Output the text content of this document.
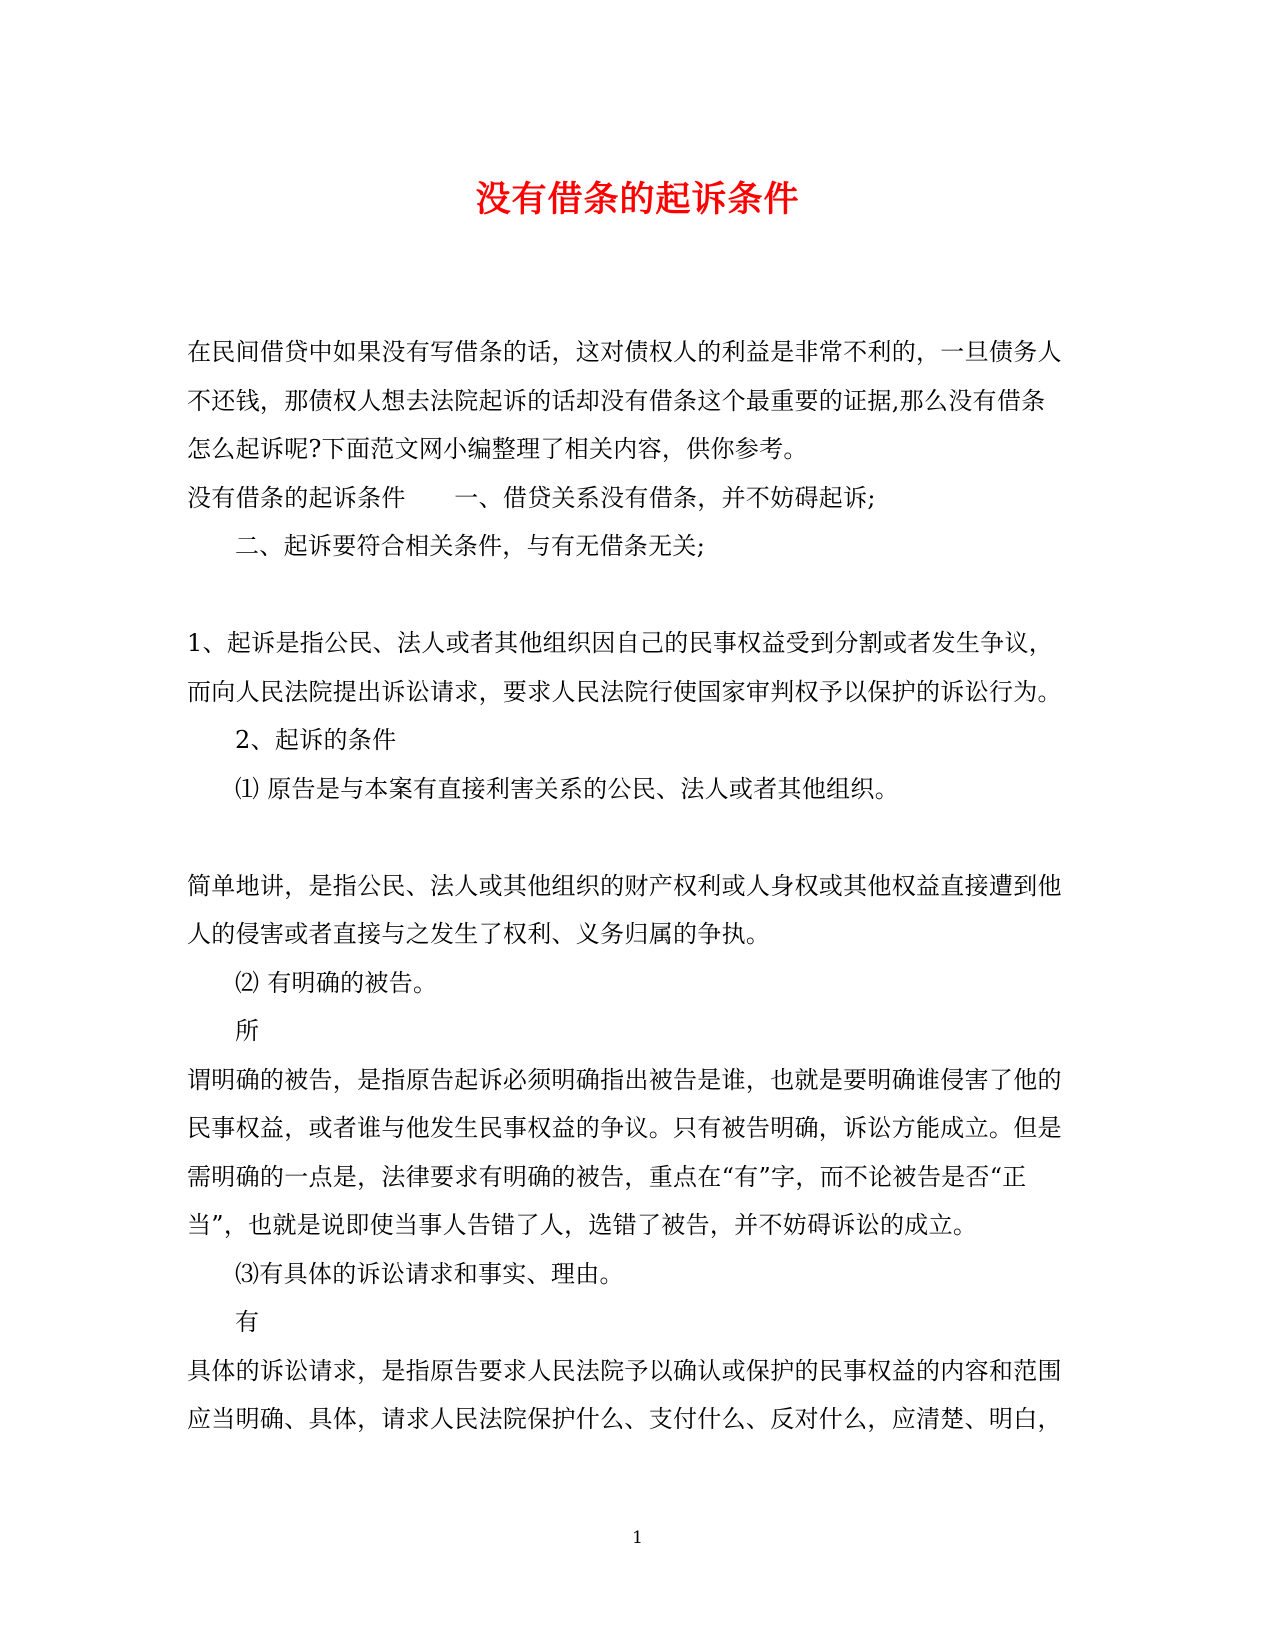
没有借条的起诉条件
在民间借贷中如果没有写借条的话，这对债权人的利益是非常不利的，一旦债务人
不还钱，那债权人想去法院起诉的话却没有借条这个最重要的证据,那么没有借条
怎么起诉呢?下面范文网小编整理了相关内容，供你参考。
没有借条的起诉条件　　一、借贷关系没有借条，并不妨碍起诉;
二、起诉要符合相关条件，与有无借条无关;
1、起诉是指公民、法人或者其他组织因自己的民事权益受到分割或者发生争议，
而向人民法院提出诉讼请求，要求人民法院行使国家审判权予以保护的诉讼行为。
2、起诉的条件
⑴ 原告是与本案有直接利害关系的公民、法人或者其他组织。
简单地讲，是指公民、法人或其他组织的财产权利或人身权或其他权益直接遭到他
人的侵害或者直接与之发生了权利、义务归属的争执。
⑵ 有明确的被告。
所
谓明确的被告，是指原告起诉必须明确指出被告是谁，也就是要明确谁侵害了他的
民事权益，或者谁与他发生民事权益的争议。只有被告明确，诉讼方能成立。但是
需明确的一点是，法律要求有明确的被告，重点在“有”字，而不论被告是否“正
当”，也就是说即使当事人告错了人，选错了被告，并不妨碍诉讼的成立。
⑶有具体的诉讼请求和事实、理由。
有
具体的诉讼请求，是指原告要求人民法院予以确认或保护的民事权益的内容和范围
应当明确、具体，请求人民法院保护什么、支付什么、反对什么，应清楚、明白，
1
